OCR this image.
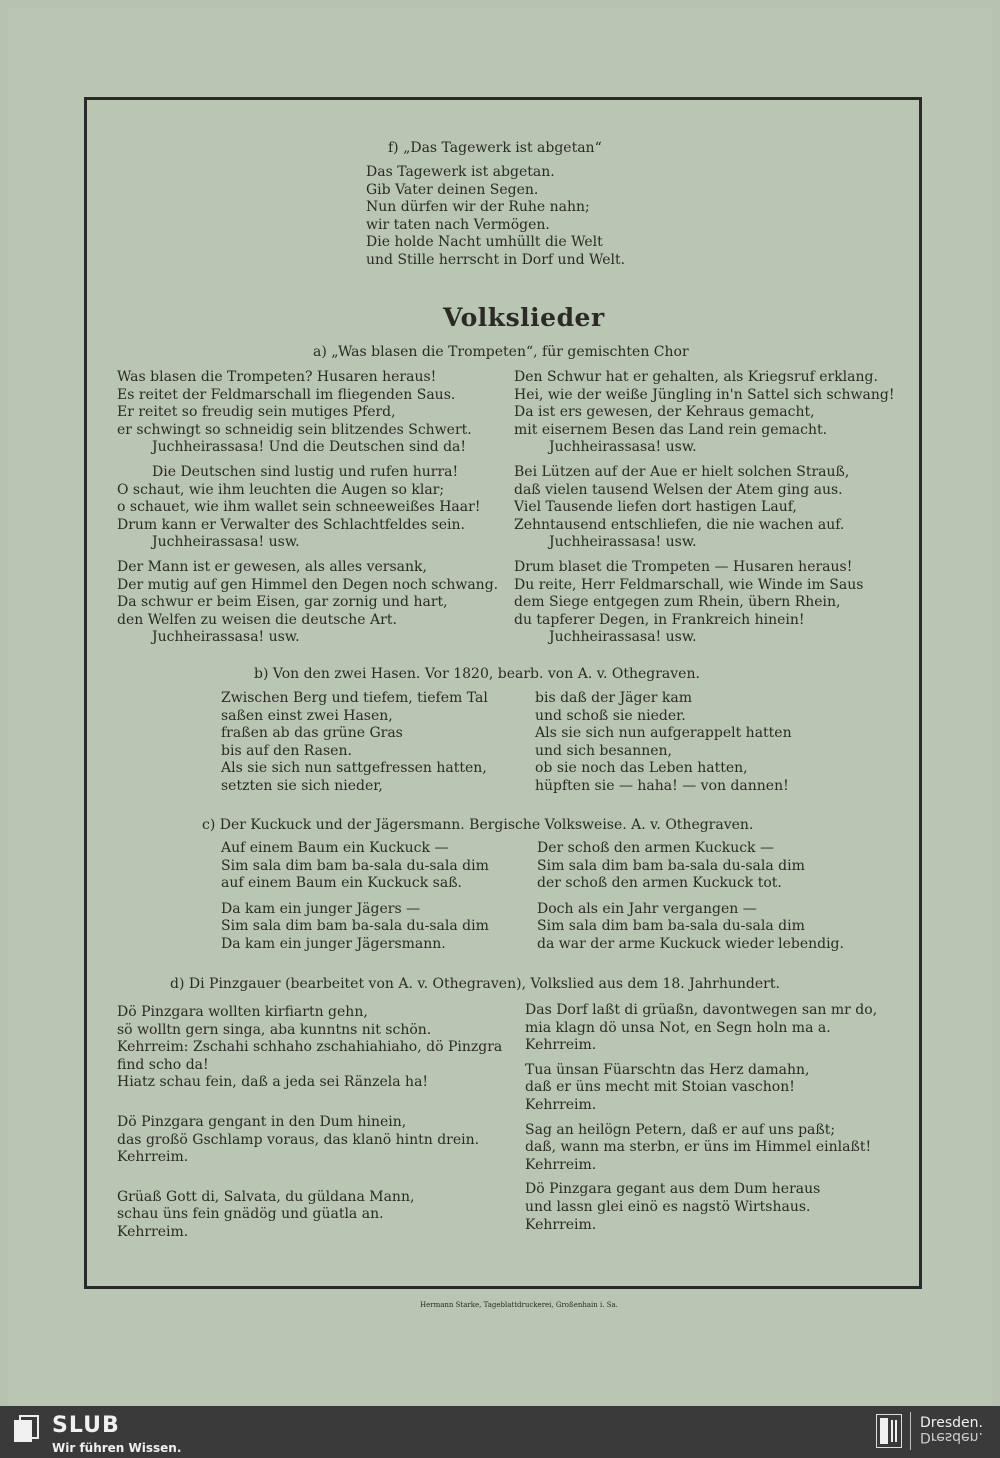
f) „Das Tagewerk ist abgetan“
Das Tagewerk ist abgetan.
Gib Vater deinen Segen.
Nun dürfen wir der Ruhe nahn;
wir taten nach Vermögen.
Die holde Nacht umhüllt die Welt
und Stille herrscht in Dorf und Welt.
Volkslieder
a) „Was blasen die Trompeten“, für gemischten Chor
Was blasen die Trompeten? Husaren heraus!
Es reitet der Feldmarschall im fliegenden Saus.
Er reitet so freudig sein mutiges Pferd,
er schwingt so schneidig sein blitzendes Schwert.
Juchheirassasa! Und die Deutschen sind da!
Die Deutschen sind lustig und rufen hurra!
O schaut, wie ihm leuchten die Augen so klar;
o schauet, wie ihm wallet sein schneeweißes Haar!
Drum kann er Verwalter des Schlachtfeldes sein.
Juchheirassasa! usw.
Der Mann ist er gewesen, als alles versank,
Der mutig auf gen Himmel den Degen noch schwang.
Da schwur er beim Eisen, gar zornig und hart,
den Welfen zu weisen die deutsche Art.
Juchheirassasa! usw.
Den Schwur hat er gehalten, als Kriegsruf erklang.
Hei, wie der weiße Jüngling in'n Sattel sich schwang!
Da ist ers gewesen, der Kehraus gemacht,
mit eisernem Besen das Land rein gemacht.
Juchheirassasa! usw.
Bei Lützen auf der Aue er hielt solchen Strauß,
daß vielen tausend Welsen der Atem ging aus.
Viel Tausende liefen dort hastigen Lauf,
Zehntausend entschliefen, die nie wachen auf.
Juchheirassasa! usw.
Drum blaset die Trompeten — Husaren heraus!
Du reite, Herr Feldmarschall, wie Winde im Saus
dem Siege entgegen zum Rhein, übern Rhein,
du tapferer Degen, in Frankreich hinein!
Juchheirassasa! usw.
b) Von den zwei Hasen. Vor 1820, bearb. von A. v. Othegraven.
Zwischen Berg und tiefem, tiefem Tal
saßen einst zwei Hasen,
fraßen ab das grüne Gras
bis auf den Rasen.
Als sie sich nun sattgefressen hatten,
setzten sie sich nieder,
bis daß der Jäger kam
und schoß sie nieder.
Als sie sich nun aufgerappelt hatten
und sich besannen,
ob sie noch das Leben hatten,
hüpften sie — haha! — von dannen!
c) Der Kuckuck und der Jägersmann. Bergische Volksweise. A. v. Othegraven.
Auf einem Baum ein Kuckuck —
Sim sala dim bam ba-sala du-sala dim
auf einem Baum ein Kuckuck saß.
Da kam ein junger Jägers —
Sim sala dim bam ba-sala du-sala dim
Da kam ein junger Jägersmann.
Der schoß den armen Kuckuck —
Sim sala dim bam ba-sala du-sala dim
der schoß den armen Kuckuck tot.
Doch als ein Jahr vergangen —
Sim sala dim bam ba-sala du-sala dim
da war der arme Kuckuck wieder lebendig.
d) Di Pinzgauer (bearbeitet von A. v. Othegraven), Volkslied aus dem 18. Jahrhundert.
Dö Pinzgara wollten kirfiartn gehn,
sö wolltn gern singa, aba kunntns nit schön.
Kehrreim: Zschahi schhaho zschahiahiaho, dö Pinzgra
find scho da!
Hiatz schau fein, daß a jeda sei Ränzela ha!
Dö Pinzgara gengant in den Dum hinein,
das großö Gschlamp voraus, das klanö hintn drein.
Kehrreim.
Grüaß Gott di, Salvata, du güldana Mann,
schau üns fein gnädög und güatla an.
Kehrreim.
Das Dorf laßt di grüaßn, davontwegen san mr do,
mia klagn dö unsa Not, en Segn holn ma a.
Kehrreim.
Tua ünsan Füarschtn das Herz damahn,
daß er üns mecht mit Stoian vaschon!
Kehrreim.
Sag an heilögn Petern, daß er auf uns paßt;
daß, wann ma sterbn, er üns im Himmel einlaßt!
Kehrreim.
Dö Pinzgara gegant aus dem Dum heraus
und lassn glei einö es nagstö Wirtshaus.
Kehrreim.
Hermann Starke, Tageblattdruckerei, Großenhain i. Sa.
SLUB
Wir führen Wissen.
Dresden.
Dresden.
